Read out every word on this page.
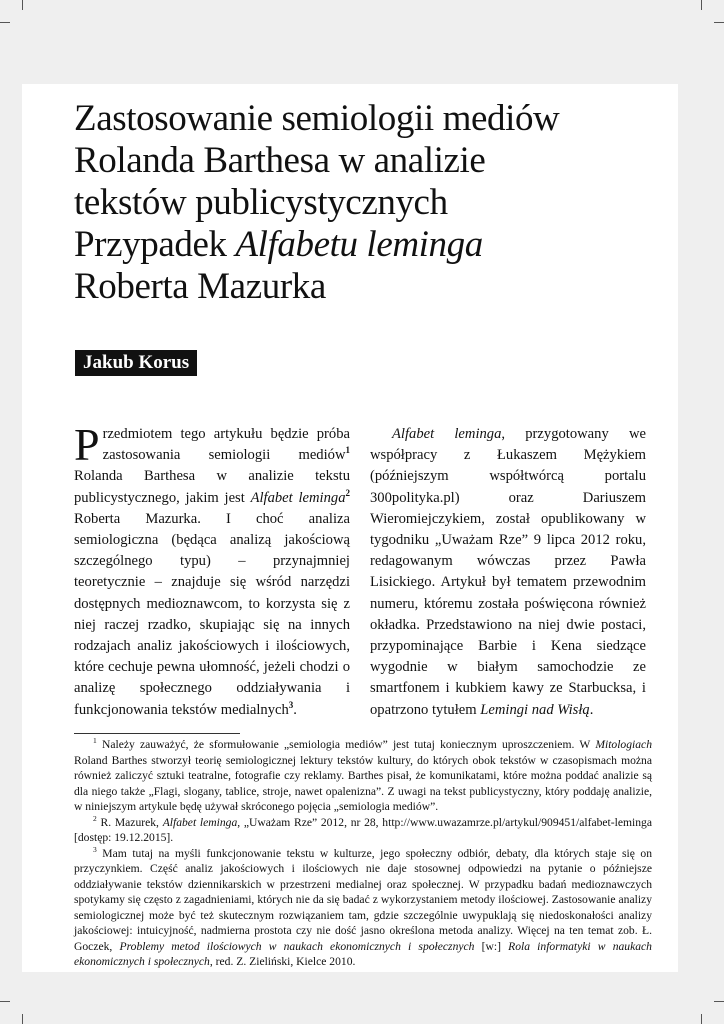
Zastosowanie semiologii mediów
Rolanda Barthesa w analizie
tekstów publicystycznych
Przypadek Alfabetu leminga
Roberta Mazurka
Jakub Korus

Przedmiotem tego artykułu będzie próba zastosowania semiologii mediów$^1$ Rolanda Barthesa w analizie tekstu publicystycznego, jakim jest Alfabet leminga$^2$ Roberta Mazurka. I choć analiza semiologiczna (będąca analizą jakościową szczególnego typu) – przynajmniej teoretycznie – znajduje się wśród narzędzi dostępnych medioznawcom, to korzysta się z niej raczej rzadko, skupiając się na innych rodzajach analiz jakościowych i ilościowych, które cechuje pewna ułomność, jeżeli chodzi o analizę społecznego oddziaływania i funkcjonowania tekstów medialnych$^3$.

Alfabet leminga, przygotowany we współpracy z Łukaszem Mężykiem (późniejszym współtwórcą portalu 300polityka.pl) oraz Dariuszem Wieromiejczykiem, został opublikowany w tygodniku „Uważam Rze” 9 lipca 2012 roku, redagowanym wówczas przez Pawła Lisickiego. Artykuł był tematem przewodnim numeru, któremu została poświęcona również okładka. Przedstawiono na niej dwie postaci, przypominające Barbie i Kena siedzące wygodnie w białym samochodzie ze smartfonem i kubkiem kawy ze Starbucksa, i opatrzono tytułem Lemingi nad Wisłą.

$^1$ Należy zauważyć, że sformułowanie „semiologia mediów” jest tutaj koniecznym uproszczeniem. W Mitologiach Roland Barthes stworzył teorię semiologicznej lektury tekstów kultury, do których obok tekstów w czasopismach można również zaliczyć sztuki teatralne, fotografie czy reklamy. Barthes pisał, że komunikatami, które można poddać analizie są dla niego także „Flagi, slogany, tablice, stroje, nawet opalenizna”. Z uwagi na tekst publicystyczny, który poddaję analizie, w niniejszym artykule będę używał skróconego pojęcia „semiologia mediów”.

$^2$ R. Mazurek, Alfabet leminga, „Uważam Rze” 2012, nr 28, http://www.uwazamrze.pl/artykul/909451/alfabet-leminga [dostęp: 19.12.2015].

$^3$ Mam tutaj na myśli funkcjonowanie tekstu w kulturze, jego społeczny odbiór, debaty, dla których staje się on przyczynkiem. Część analiz jakościowych i ilościowych nie daje stosownej odpowiedzi na pytanie o późniejsze oddziaływanie tekstów dziennikarskich w przestrzeni medialnej oraz społecznej. W przypadku badań medioznawczych spotykamy się często z zagadnieniami, których nie da się badać z wykorzystaniem metody ilościowej. Zastosowanie analizy semiologicznej może być też skutecznym rozwiązaniem tam, gdzie szczególnie uwypuklają się niedoskonałości analizy jakościowej: intuicyjność, nadmierna prostota czy nie dość jasno określona metoda analizy. Więcej na ten temat zob. Ł. Goczek, Problemy metod ilościowych w naukach ekonomicznych i społecznych [w:] Rola informatyki w naukach ekonomicznych i społecznych, red. Z. Zieliński, Kielce 2010.
